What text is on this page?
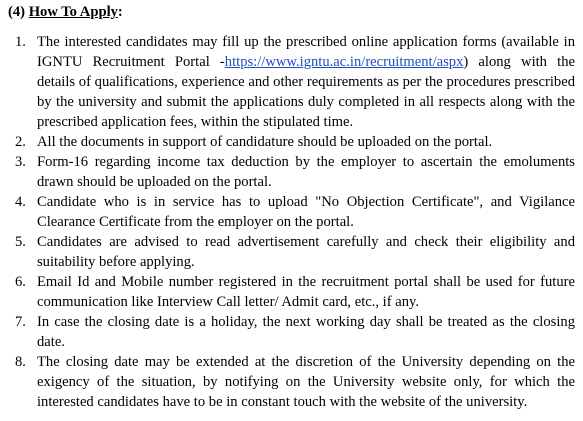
(4) How To Apply:
1. The interested candidates may fill up the prescribed online application forms (available in IGNTU Recruitment Portal -https://www.igntu.ac.in/recruitment/aspx) along with the details of qualifications, experience and other requirements as per the procedures prescribed by the university and submit the applications duly completed in all respects along with the prescribed application fees, within the stipulated time.
2. All the documents in support of candidature should be uploaded on the portal.
3. Form-16 regarding income tax deduction by the employer to ascertain the emoluments drawn should be uploaded on the portal.
4. Candidate who is in service has to upload "No Objection Certificate", and Vigilance Clearance Certificate from the employer on the portal.
5. Candidates are advised to read advertisement carefully and check their eligibility and suitability before applying.
6. Email Id and Mobile number registered in the recruitment portal shall be used for future communication like Interview Call letter/ Admit card, etc., if any.
7. In case the closing date is a holiday, the next working day shall be treated as the closing date.
8. The closing date may be extended at the discretion of the University depending on the exigency of the situation, by notifying on the University website only, for which the interested candidates have to be in constant touch with the website of the university.
